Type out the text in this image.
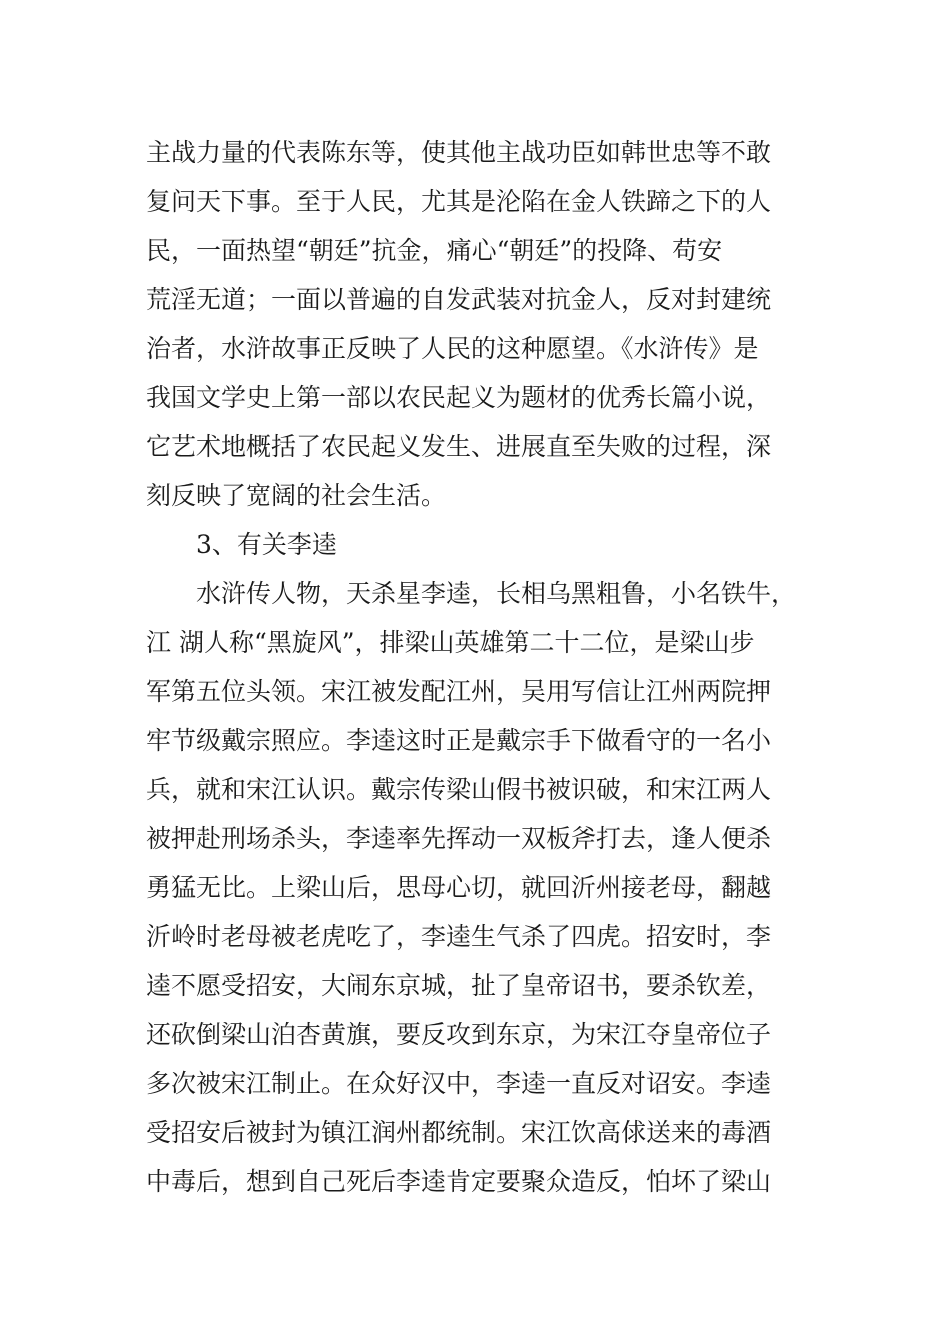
主战力量的代表陈东等，使其他主战功臣如韩世忠等不敢
复问天下事。至于人民，尤其是沦陷在金人铁蹄之下的人
民，一面热望“朝廷”抗金，痛心“朝廷”的投降、苟安
荒淫无道；一面以普遍的自发武装对抗金人，反对封建统
治者，水浒故事正反映了人民的这种愿望。《水浒传》是
我国文学史上第一部以农民起义为题材的优秀长篇小说，
它艺术地概括了农民起义发生、进展直至失败的过程，深
刻反映了宽阔的社会生活。
3、有关李逵
水浒传人物，天杀星李逵，长相乌黑粗鲁，小名铁牛，
江 湖人称“黑旋风”，排梁山英雄第二十二位，是梁山步
军第五位头领。宋江被发配江州，吴用写信让江州两院押
牢节级戴宗照应。李逵这时正是戴宗手下做看守的一名小
兵，就和宋江认识。戴宗传梁山假书被识破，和宋江两人
被押赴刑场杀头，李逵率先挥动一双板斧打去，逢人便杀
勇猛无比。上梁山后，思母心切，就回沂州接老母，翻越
沂岭时老母被老虎吃了，李逵生气杀了四虎。招安时，李
逵不愿受招安，大闹东京城，扯了皇帝诏书，要杀钦差，
还砍倒梁山泊杏黄旗，要反攻到东京，为宋江夺皇帝位子
多次被宋江制止。在众好汉中，李逵一直反对诏安。李逵
受招安后被封为镇江润州都统制。宋江饮高俅送来的毒酒
中毒后，想到自己死后李逵肯定要聚众造反，怕坏了梁山
